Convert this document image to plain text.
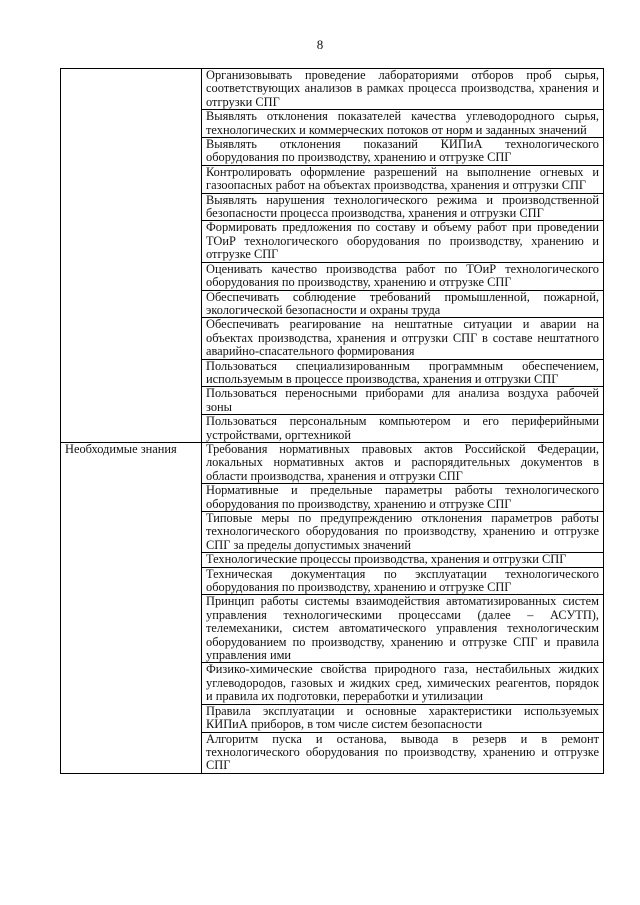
8

	Организовывать проведение лабораториями отборов проб сырья,
соответствующих анализов в рамках процесса производства, хранения и
отгрузки СПГ

	Выявлять отклонения показателей качества углеводородного сырья,
технологических и коммерческих потоков от норм и заданных значений

	Выявлять отклонения показаний КИПиА технологического
оборудования по производству, хранению и отгрузке СПГ

	Контролировать оформление разрешений на выполнение огневых и
газоопасных работ на объектах производства, хранения и отгрузки СПГ

	Выявлять нарушения технологического режима и производственной
безопасности процесса производства, хранения и отгрузки СПГ

	Формировать предложения по составу и объему работ при проведении
ТОиР технологического оборудования по производству, хранению и
отгрузке СПГ

	Оценивать качество производства работ по ТОиР технологического
оборудования по производству, хранению и отгрузке СПГ

	Обеспечивать соблюдение требований промышленной, пожарной,
экологической безопасности и охраны труда

	Обеспечивать реагирование на нештатные ситуации и аварии на
объектах производства, хранения и отгрузки СПГ в составе нештатного
аварийно-спасательного формирования

	Пользоваться специализированным программным обеспечением,
используемым в процессе производства, хранения и отгрузки СПГ

	Пользоваться переносными приборами для анализа воздуха рабочей
зоны

	Пользоваться персональным компьютером и его периферийными
устройствами, оргтехникой

Необходимые знания	Требования нормативных правовых актов Российской Федерации,
локальных нормативных актов и распорядительных документов в
области производства, хранения и отгрузки СПГ

	Нормативные и предельные параметры работы технологического
оборудования по производству, хранению и отгрузке СПГ

	Типовые меры по предупреждению отклонения параметров работы
технологического оборудования по производству, хранению и отгрузке
СПГ за пределы допустимых значений

	Технологические процессы производства, хранения и отгрузки СПГ

	Техническая документация по эксплуатации технологического
оборудования по производству, хранению и отгрузке СПГ

	Принцип работы системы взаимодействия автоматизированных систем
управления технологическими процессами (далее – АСУТП),
телемеханики, систем автоматического управления технологическим
оборудованием по производству, хранению и отгрузке СПГ и правила
управления ими

	Физико-химические свойства природного газа, нестабильных жидких
углеводородов, газовых и жидких сред, химических реагентов, порядок
и правила их подготовки, переработки и утилизации

	Правила эксплуатации и основные характеристики используемых
КИПиА приборов, в том числе систем безопасности

	Алгоритм пуска и останова, вывода в резерв и в ремонт
технологического оборудования по производству, хранению и отгрузке
СПГ
